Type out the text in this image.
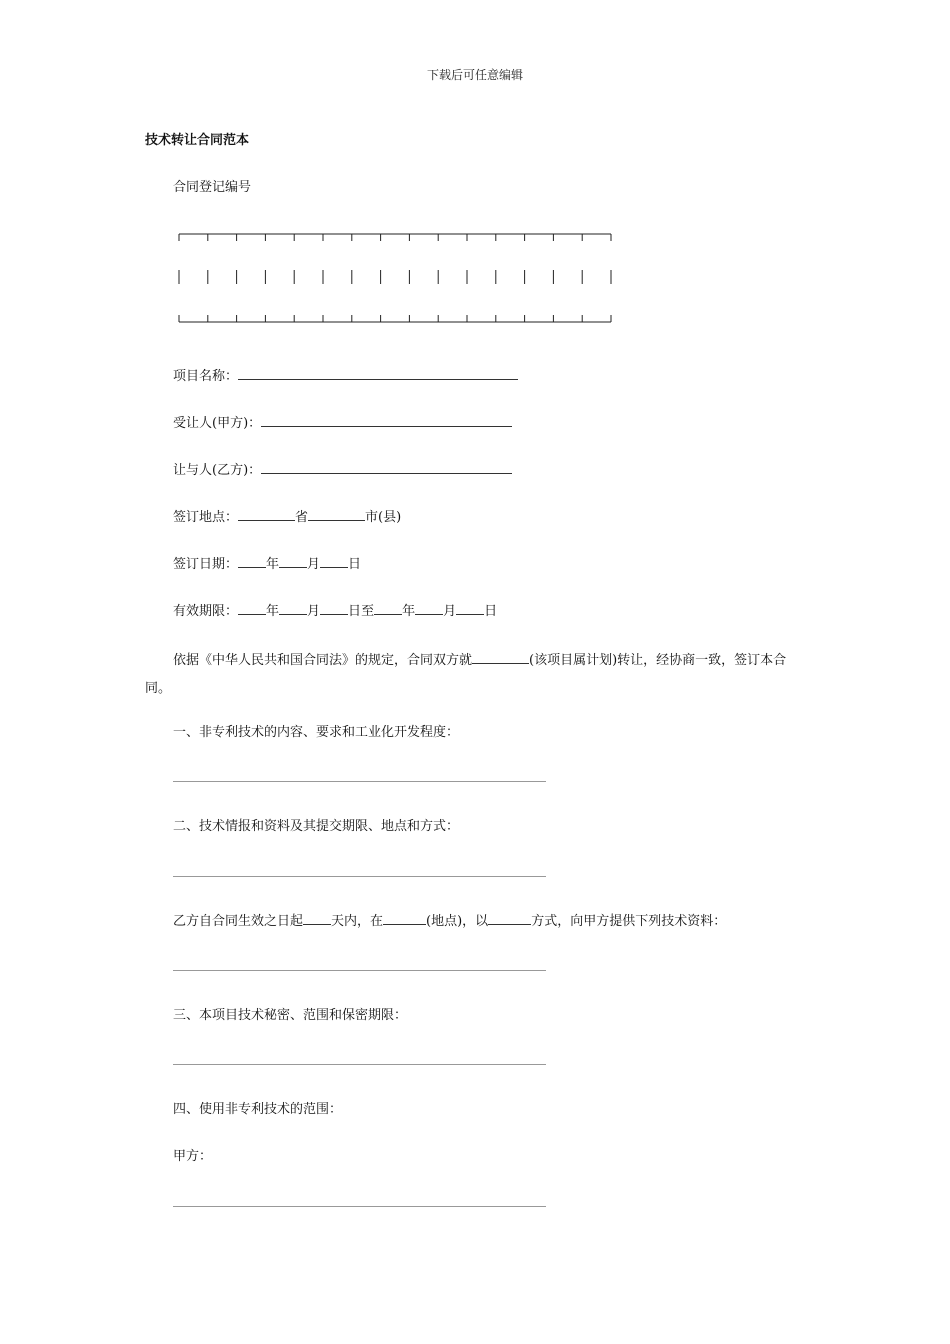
下载后可任意编辑
技术转让合同范本
合同登记编号
项目名称：
受让人(甲方)：
让与人(乙方)：
签订地点：	省	市(县)
签订日期： 年 月 日
有效期限： 年 月 日至 年 月 日
依据《中华人民共和国合同法》的规定，合同双方就	(该项目属计划)转让，经协商一致，签订本合同。
一、非专利技术的内容、要求和工业化开发程度：
二、技术情报和资料及其提交期限、地点和方式：
乙方自合同生效之日起 天内，在	(地点)，以	方式，向甲方提供下列技术资料：
三、本项目技术秘密、范围和保密期限：
四、使用非专利技术的范围：
甲方：
